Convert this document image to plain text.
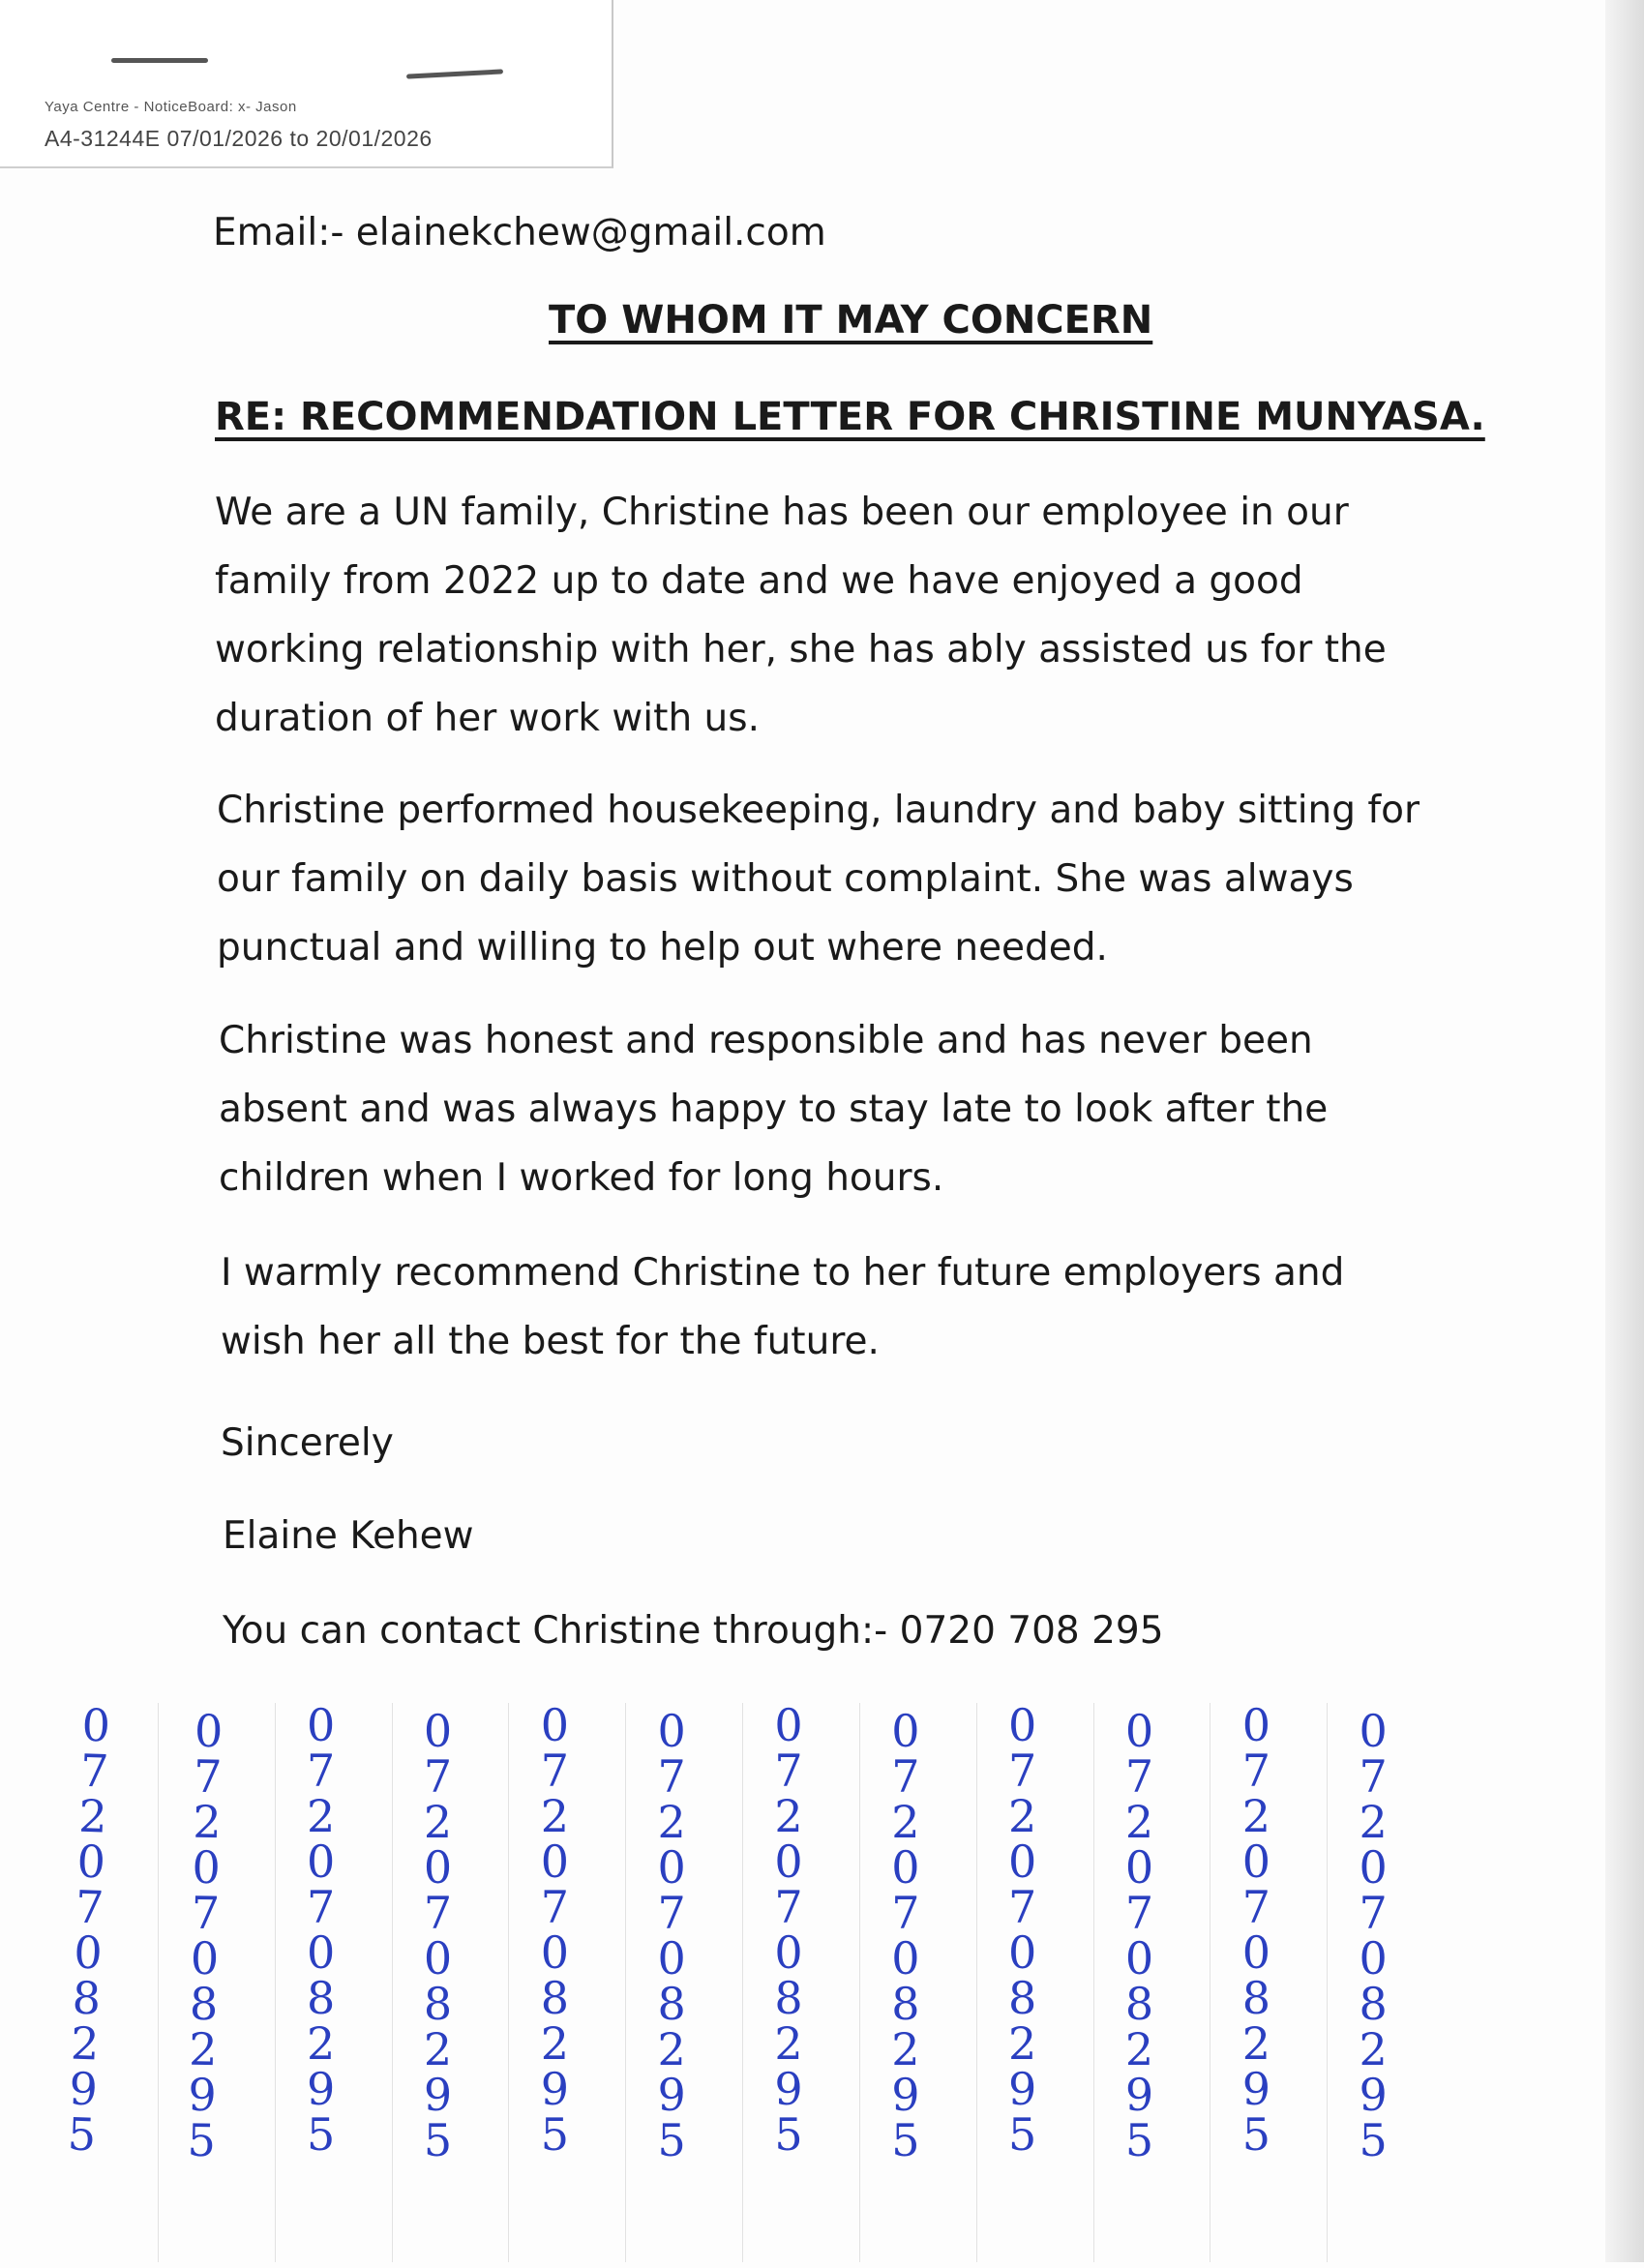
Yaya Centre - NoticeBoard: x- Jason
A4-31244E 07/01/2026 to 20/01/2026
Email:- elainekchew@gmail.com
TO WHOM IT MAY CONCERN
RE: RECOMMENDATION LETTER FOR CHRISTINE MUNYASA.
We are a UN family, Christine has been our employee in our
family from 2022 up to date and we have enjoyed a good
working relationship with her, she has ably assisted us for the
duration of her work with us.
Christine performed housekeeping, laundry and baby sitting for
our family on daily basis without complaint. She was always
punctual and willing to help out where needed.
Christine was honest and responsible and has never been
absent and was always happy to stay late to look after the
children when I worked for long hours.
I warmly recommend Christine to her future employers and
wish her all the best for the future.
Sincerely
Elaine Kehew
You can contact Christine through:- 0720 708 295
0
7
2
0
7
0
8
2
9
5
0
7
2
0
7
0
8
2
9
5
0
7
2
0
7
0
8
2
9
5
0
7
2
0
7
0
8
2
9
5
0
7
2
0
7
0
8
2
9
5
0
7
2
0
7
0
8
2
9
5
0
7
2
0
7
0
8
2
9
5
0
7
2
0
7
0
8
2
9
5
0
7
2
0
7
0
8
2
9
5
0
7
2
0
7
0
8
2
9
5
0
7
2
0
7
0
8
2
9
5
0
7
2
0
7
0
8
2
9
5
